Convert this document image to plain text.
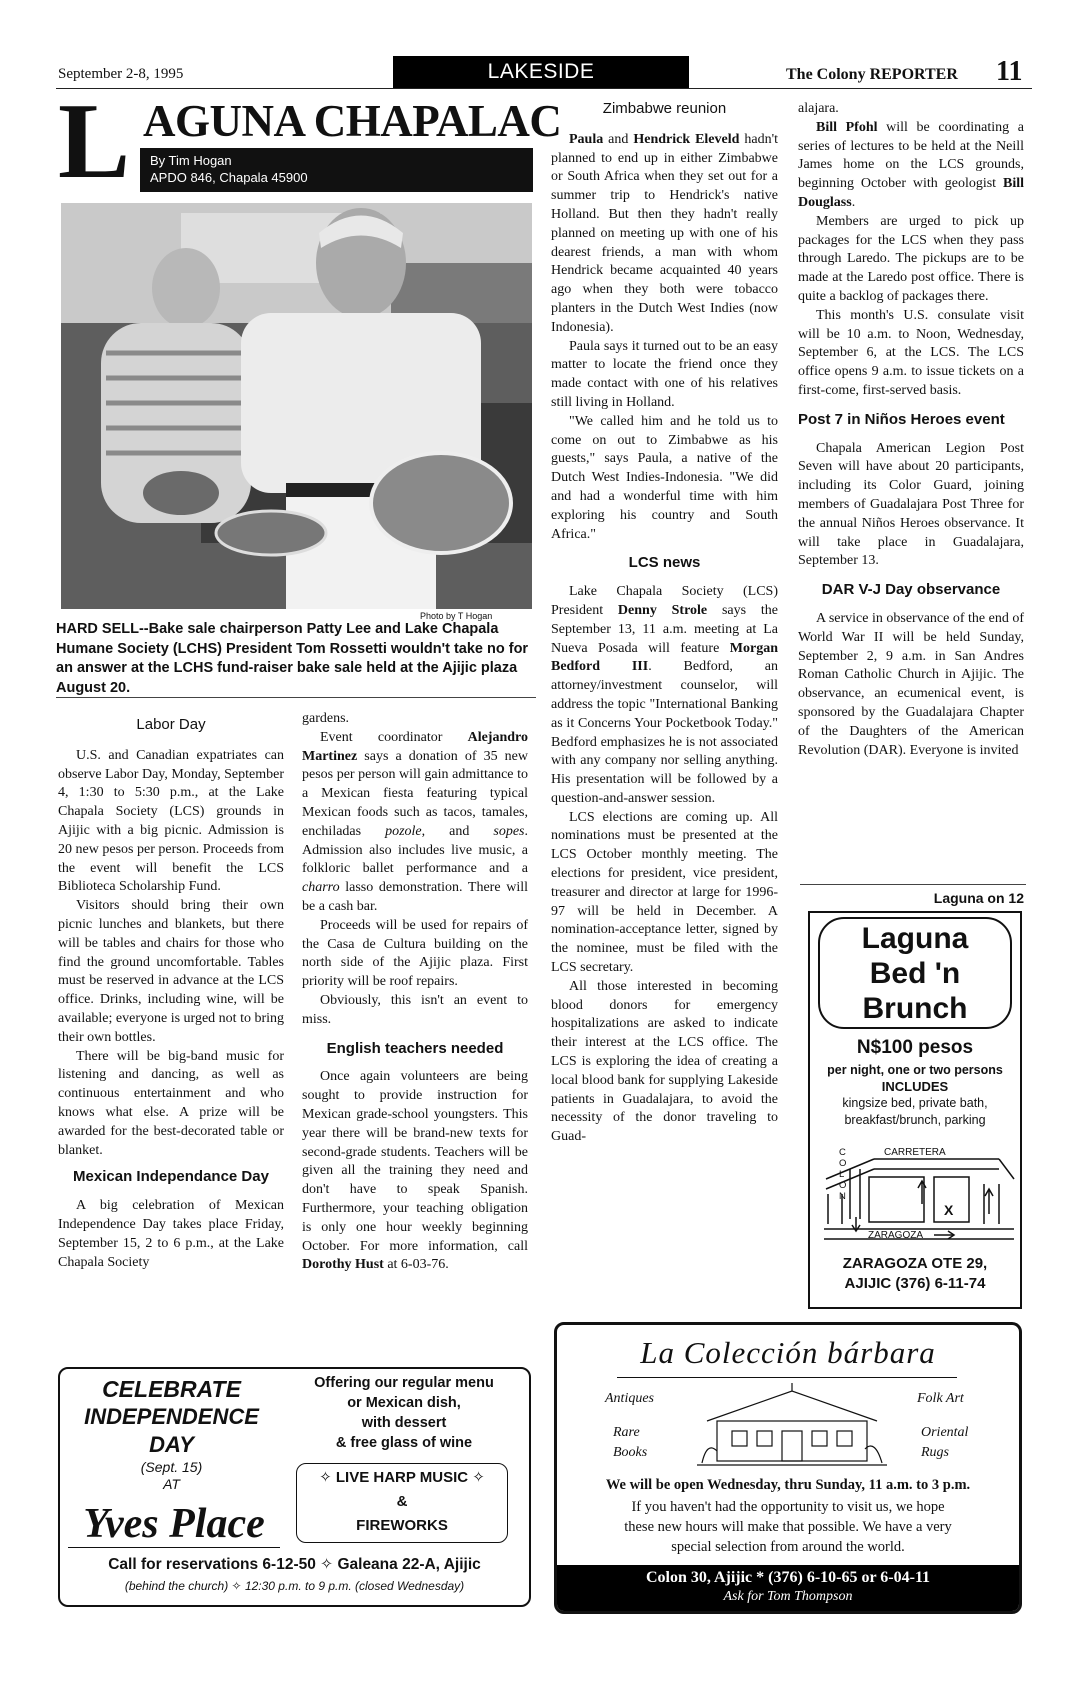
September 2-8, 1995	LAKESIDE	The Colony REPORTER 11
L AGUNA CHAPALAC
By Tim Hogan
APDO 846, Chapala 45900
Photo by T Hogan
HARD SELL--Bake sale chairperson Patty Lee and Lake Chapala Humane Society (LCHS) President Tom Rossetti wouldn't take no for an answer at the LCHS fund-raiser bake sale held at the Ajijic plaza August 20.
Labor Day

U.S. and Canadian expatriates can observe Labor Day, Monday, September 4, 1:30 to 5:30 p.m., at the Lake Chapala Society (LCS) grounds in Ajijic with a big picnic. Admission is 20 new pesos per person. Proceeds from the event will benefit the LCS Biblioteca Scholarship Fund.

Visitors should bring their own picnic lunches and blankets, but there will be tables and chairs for those who find the ground uncomfortable. Tables must be reserved in advance at the LCS office. Drinks, including wine, will be available; everyone is urged not to bring their own bottles.

There will be big-band music for listening and dancing, as well as continuous entertainment and who knows what else. A prize will be awarded for the best-decorated table or blanket.

Mexican Independance Day

A big celebration of Mexican Independence Day takes place Friday, September 15, 2 to 6 p.m., at the Lake Chapala Society

gardens.

Event coordinator Alejandro Martinez says a donation of 35 new pesos per person will gain admittance to a Mexican fiesta featuring typical Mexican foods such as tacos, tamales, enchiladas pozole, and sopes. Admission also includes live music, a folkloric ballet performance and a charro lasso demonstration. There will be a cash bar.

Proceeds will be used for repairs of the Casa de Cultura building on the north side of the Ajijic plaza. First priority will be roof repairs.

Obviously, this isn't an event to miss.

English teachers needed

Once again volunteers are being sought to provide instruction for Mexican grade-school youngsters. This year there will be brand-new texts for second-grade students. Teachers will be given all the training they need and don't have to speak Spanish. Furthermore, your teaching obligation is only one hour weekly beginning October. For more information, call Dorothy Hust at 6-03-76.

Zimbabwe reunion

Paula and Hendrick Eleveld hadn't planned to end up in either Zimbabwe or South Africa when they set out for a summer trip to Hendrick's native Holland. But then they hadn't really planned on meeting up with one of his dearest friends, a man with whom Hendrick became acquainted 40 years ago when they both were tobacco planters in the Dutch West Indies (now Indonesia).

Paula says it turned out to be an easy matter to locate the friend once they made contact with one of his relatives still living in Holland.

"We called him and he told us to come on out to Zimbabwe as his guests," says Paula, a native of the Dutch West Indies-Indonesia. "We did and had a wonderful time with him exploring his country and South Africa."

LCS news

Lake Chapala Society (LCS) President Denny Strole says the September 13, 11 a.m. meeting at La Nueva Posada will feature Morgan Bedford III. Bedford, an attorney/investment counselor, will address the topic "International Banking as it Concerns Your Pocketbook Today." Bedford emphasizes he is not associated with any company nor selling anything. His presentation will be followed by a question-and-answer session.

LCS elections are coming up. All nominations must be presented at the LCS October monthly meeting. The elections for president, vice president, treasurer and director at large for 1996-97 will be held in December. A nomination-acceptance letter, signed by the nominee, must be filed with the LCS secretary.

All those interested in becoming blood donors for emergency hospitalizations are asked to indicate their interest at the LCS office. The LCS is exploring the idea of creating a local blood bank for supplying Lakeside patients in Guadalajara, to avoid the necessity of the donor traveling to Guad-

alajara.

Bill Pfohl will be coordinating a series of lectures to be held at the Neill James home on the LCS grounds, beginning October with geologist Bill Douglass.

Members are urged to pick up packages for the LCS when they pass through Laredo. The pickups are to be made at the Laredo post office. There is quite a backlog of packages there.

This month's U.S. consulate visit will be 10 a.m. to Noon, Wednesday, September 6, at the LCS. The LCS office opens 9 a.m. to issue tickets on a first-come, first-served basis.

Post 7 in Niños Heroes event

Chapala American Legion Post Seven will have about 20 participants, including its Color Guard, joining members of Guadalajara Post Three for the annual Niños Heroes observance. It will take place in Guadalajara, September 13.

DAR V-J Day observance

A service in observance of the end of World War II will be held Sunday, September 2, 9 a.m. in San Andres Roman Catholic Church in Ajijic. The observance, an ecumenical event, is sponsored by the Guadalajara Chapter of the Daughters of the American Revolution (DAR). Everyone is invited

Laguna on 12
Laguna
Bed 'n
Brunch
N$100 pesos
per night, one or two persons
INCLUDES
kingsize bed, private bath,
breakfast/brunch, parking
COLON
CARRETERA
ZARAGOZA
X
ZARAGOZA OTE 29,
AJIJIC (376) 6-11-74
CELEBRATE
INDEPENDENCE
DAY
(Sept. 15)
AT
Yves Place
Offering our regular menu
or Mexican dish,
with dessert
& free glass of wine
✧ LIVE HARP MUSIC ✧
&
FIREWORKS
Call for reservations 6-12-50 ✧ Galeana 22-A, Ajijic
(behind the church) ✧ 12:30 p.m. to 9 p.m. (closed Wednesday)
La Colección bárbara
Antiques	Folk Art
Rare Books
Oriental Rugs
We will be open Wednesday, thru Sunday, 11 a.m. to 3 p.m.
If you haven't had the opportunity to visit us, we hope these new hours will make that possible. We have a very special selection from around the world.
Colon 30, Ajijic * (376) 6-10-65 or 6-04-11
Ask for Tom Thompson
